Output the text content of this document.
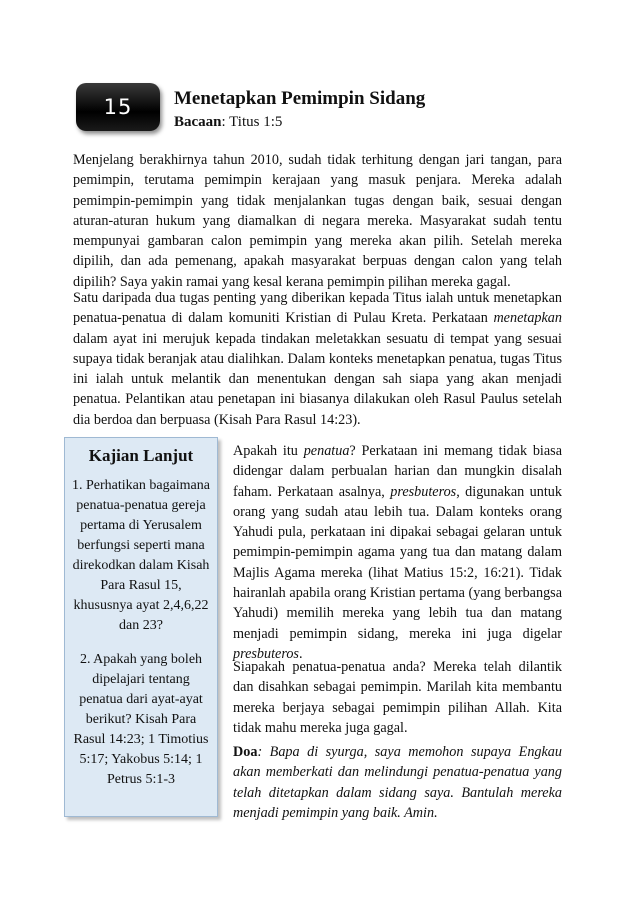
15	Menetapkan Pemimpin Sidang
Bacaan: Titus 1:5

Menjelang berakhirnya tahun 2010, sudah tidak terhitung dengan jari tangan, para pemimpin, terutama pemimpin kerajaan yang masuk penjara. Mereka adalah pemimpin-pemimpin yang tidak menjalankan tugas dengan baik, sesuai dengan aturan-aturan hukum yang diamalkan di negara mereka. Masyarakat sudah tentu mempunyai gambaran calon pemimpin yang mereka akan pilih. Setelah mereka dipilih, dan ada pemenang, apakah masyarakat berpuas dengan calon yang telah dipilih? Saya yakin ramai yang kesal kerana pemimpin pilihan mereka gagal.

Satu daripada dua tugas penting yang diberikan kepada Titus ialah untuk menetapkan penatua-penatua di dalam komuniti Kristian di Pulau Kreta. Perkataan menetapkan dalam ayat ini merujuk kepada tindakan meletakkan sesuatu di tempat yang sesuai supaya tidak beranjak atau dialihkan. Dalam konteks menetapkan penatua, tugas Titus ini ialah untuk melantik dan menentukan dengan sah siapa yang akan menjadi penatua. Pelantikan atau penetapan ini biasanya dilakukan oleh Rasul Paulus setelah dia berdoa dan berpuasa (Kisah Para Rasul 14:23).

Kajian Lanjut
1. Perhatikan bagaimana penatua-penatua gereja pertama di Yerusalem berfungsi seperti mana direkodkan dalam Kisah Para Rasul 15, khususnya ayat 2,4,6,22 dan 23?
2. Apakah yang boleh dipelajari tentang penatua dari ayat-ayat berikut? Kisah Para Rasul 14:23; 1 Timotius 5:17; Yakobus 5:14; 1 Petrus 5:1-3

Apakah itu penatua? Perkataan ini memang tidak biasa didengar dalam perbualan harian dan mungkin disalah faham. Perkataan asalnya, presbuteros, digunakan untuk orang yang sudah atau lebih tua. Dalam konteks orang Yahudi pula, perkataan ini dipakai sebagai gelaran untuk pemimpin-pemimpin agama yang tua dan matang dalam Majlis Agama mereka (lihat Matius 15:2, 16:21). Tidak hairanlah apabila orang Kristian pertama (yang berbangsa Yahudi) memilih mereka yang lebih tua dan matang menjadi pemimpin sidang, mereka ini juga digelar presbuteros.

Siapakah penatua-penatua anda? Mereka telah dilantik dan disahkan sebagai pemimpin. Marilah kita membantu mereka berjaya sebagai pemimpin pilihan Allah. Kita tidak mahu mereka juga gagal.

Doa: Bapa di syurga, saya memohon supaya Engkau akan memberkati dan melindungi penatua-penatua yang telah ditetapkan dalam sidang saya. Bantulah mereka menjadi pemimpin yang baik. Amin.
